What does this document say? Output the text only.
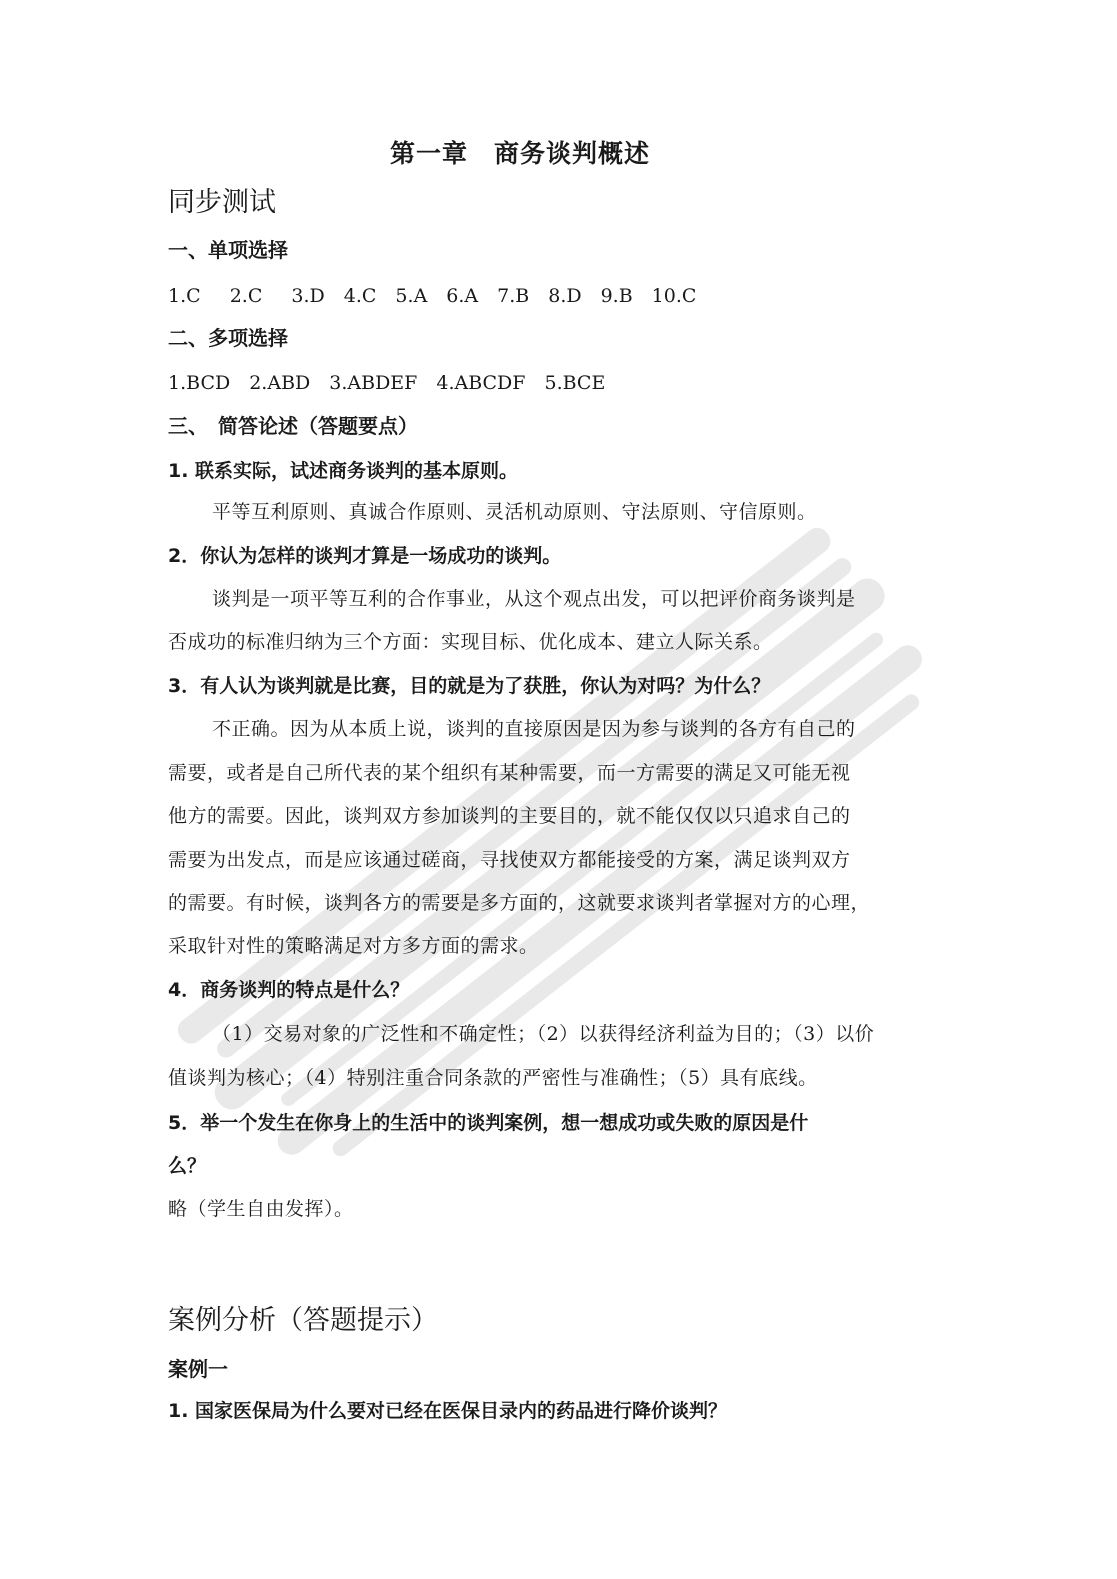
第一章　商务谈判概述
同步测试
一、单项选择
1.C　 2.C　 3.D　4.C　5.A　6.A　7.B　8.D　9.B　10.C
二、多项选择
1.BCD　2.ABD　3.ABDEF　4.ABCDF　5.BCE
三、　简答论述（答题要点）
1. 联系实际，试述商务谈判的基本原则。
平等互利原则、真诚合作原则、灵活机动原则、守法原则、守信原则。
2．你认为怎样的谈判才算是一场成功的谈判。
谈判是一项平等互利的合作事业，从这个观点出发，可以把评价商务谈判是
否成功的标准归纳为三个方面：实现目标、优化成本、建立人际关系。
3．有人认为谈判就是比赛，目的就是为了获胜，你认为对吗？为什么？
不正确。因为从本质上说，谈判的直接原因是因为参与谈判的各方有自己的
需要，或者是自己所代表的某个组织有某种需要，而一方需要的满足又可能无视
他方的需要。因此，谈判双方参加谈判的主要目的，就不能仅仅以只追求自己的
需要为出发点，而是应该通过磋商，寻找使双方都能接受的方案，满足谈判双方
的需要。有时候，谈判各方的需要是多方面的，这就要求谈判者掌握对方的心理，
采取针对性的策略满足对方多方面的需求。
4．商务谈判的特点是什么？
（1）交易对象的广泛性和不确定性；（2）以获得经济利益为目的；（3）以价
值谈判为核心；（4）特别注重合同条款的严密性与准确性；（5）具有底线。
5．举一个发生在你身上的生活中的谈判案例，想一想成功或失败的原因是什
么？
略（学生自由发挥）。
案例分析（答题提示）
案例一
1. 国家医保局为什么要对已经在医保目录内的药品进行降价谈判？
